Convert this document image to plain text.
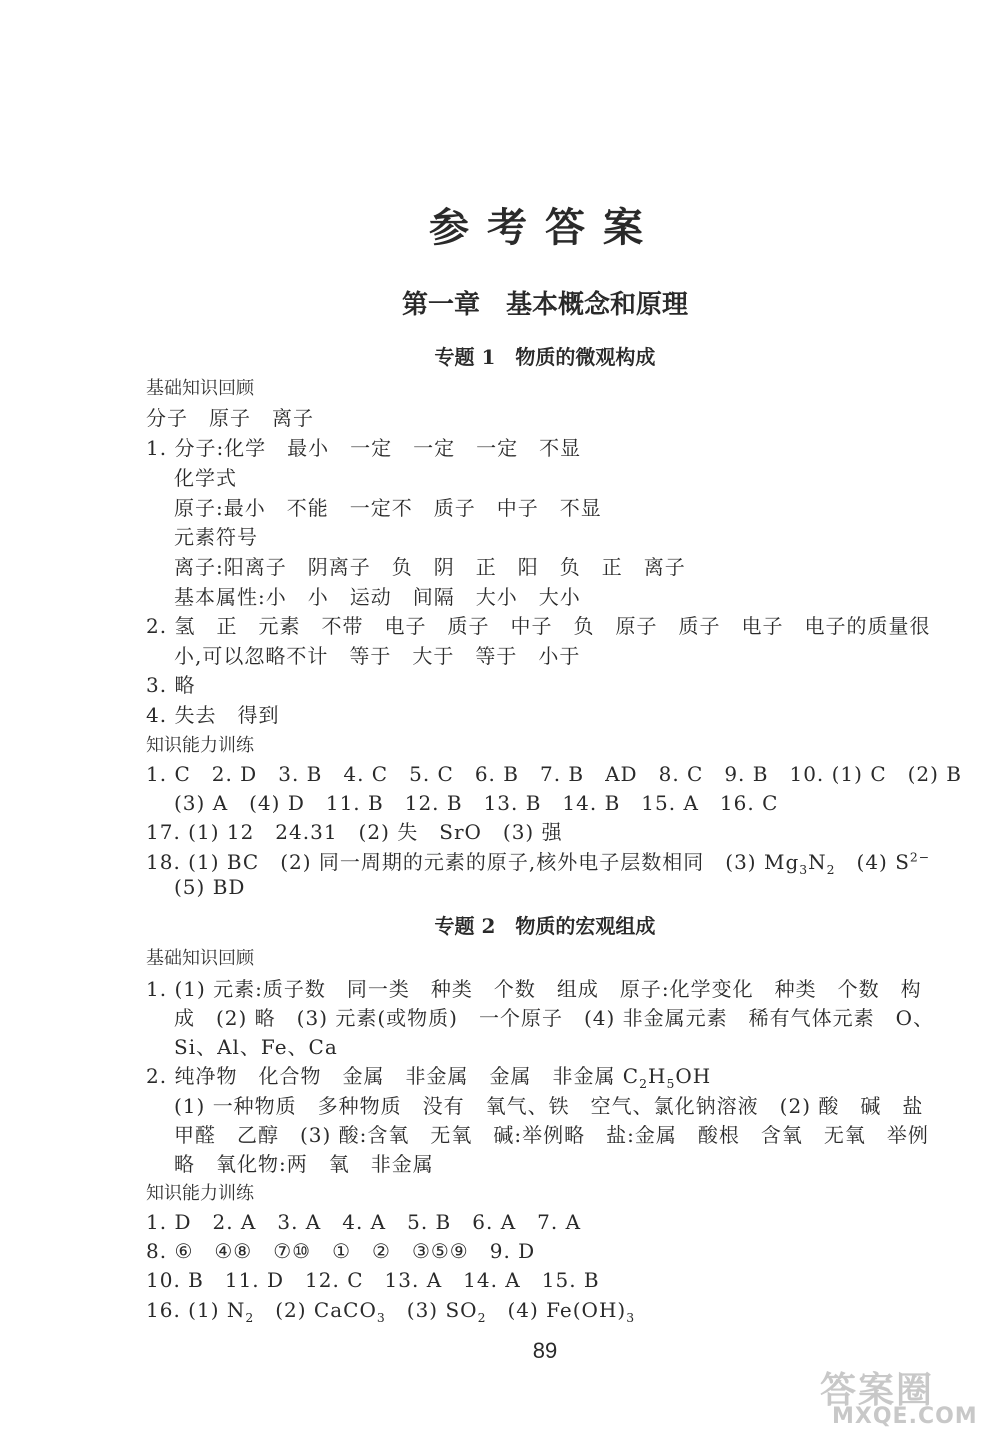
参考答案
第一章　基本概念和原理
专题 1　物质的微观构成
基础知识回顾
分子　原子　离子
1. 分子:化学　最小　一定　一定　一定　不显
化学式
原子:最小　不能　一定不　质子　中子　不显
元素符号
离子:阳离子　阴离子　负　阴　正　阳　负　正　离子
基本属性:小　小　运动　间隔　大小　大小
2. 氢　正　元素　不带　电子　质子　中子　负　原子　质子　电子　电子的质量很
小,可以忽略不计　等于　大于　等于　小于
3. 略
4. 失去　得到
知识能力训练
1. C　2. D　3. B　4. C　5. C　6. B　7. B　AD　8. C　9. B　10. (1) C　(2) B
(3) A　(4) D　11. B　12. B　13. B　14. B　15. A　16. C
17. (1) 12　24.31　(2) 失　SrO　(3) 强
18. (1) BC　(2) 同一周期的元素的原子,核外电子层数相同　(3) $Mg_3N_2$　(4) $S^{2-}$
(5) BD
专题 2　物质的宏观组成
基础知识回顾
1. (1) 元素:质子数　同一类　种类　个数　组成　原子:化学变化　种类　个数　构
成　(2) 略　(3) 元素(或物质)　一个原子　(4) 非金属元素　稀有气体元素　O、
Si、Al、Fe、Ca
2. 纯净物　化合物　金属　非金属　金属　非金属 $C_2H_5OH$
(1) 一种物质　多种物质　没有　氧气、铁　空气、氯化钠溶液　(2) 酸　碱　盐
甲醛　乙醇　(3) 酸:含氧　无氧　碱:举例略　盐:金属　酸根　含氧　无氧　举例
略　氧化物:两　氧　非金属
知识能力训练
1. D　2. A　3. A　4. A　5. B　6. A　7. A
8. ⑥　④⑧　⑦⑩　①　②　③⑤⑨　9. D
10. B　11. D　12. C　13. A　14. A　15. B
16. (1) $N_2$　(2) CaCO$_3$　(3) $SO_2$　(4) $Fe(OH)_3$
89
答案圈
MXQE.COM
